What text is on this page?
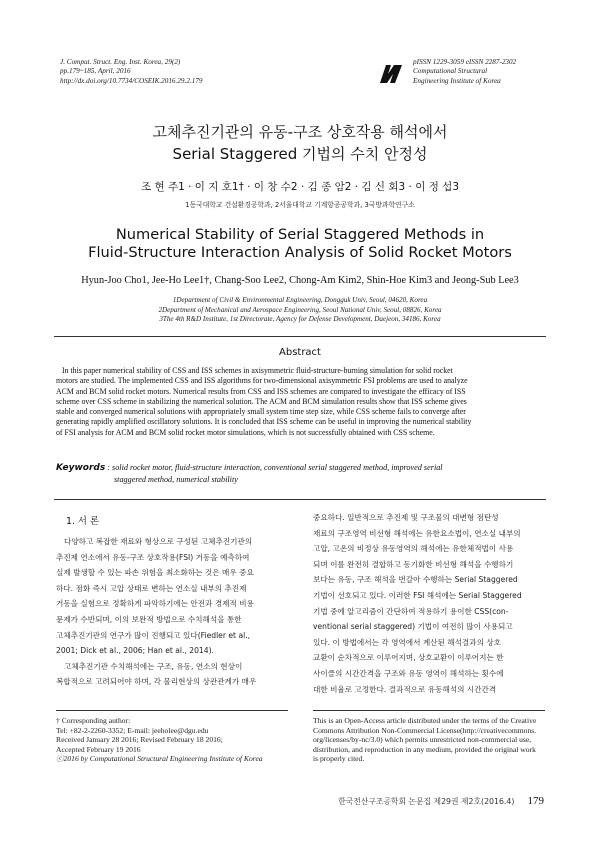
J. Comput. Struct. Eng. Inst. Korea, 29(2)
pp.179~185, April, 2016
http://dx.doi.org/10.7734/COSEIK.2016.29.2.179
pISSN 1229-3059 eISSN 2287-2302
Computational Structural
Engineering Institute of Korea
고체추진기관의 유동-구조 상호작용 해석에서
Serial Staggered 기법의 수치 안정성
조 현 주1 · 이 지 호1† · 이 창 수2 · 김 종 암2 · 김 신 회3 · 이 정 섭3
1동국대학교 건설환경공학과, 2서울대학교 기계항공공학과, 3국방과학연구소
Numerical Stability of Serial Staggered Methods in
Fluid-Structure Interaction Analysis of Solid Rocket Motors
Hyun-Joo Cho1, Jee-Ho Lee1†, Chang-Soo Lee2, Chong-Am Kim2, Shin-Hoe Kim3 and Jeong-Sub Lee3
1Department of Civil & Environmental Engineering, Dongguk Univ, Seoul, 04620, Korea
2Department of Mechanical and Aerospace Engineering, Seoul National Univ, Seoul, 08826, Korea
3The 4th R&D Institute, 1st Directorate, Agency for Defense Development, Daejeon, 34186, Korea
Abstract
In this paper numerical stability of CSS and ISS schemes in axisymmetric fluid-structure-burning simulation for solid rocket
motors are studied. The implemented CSS and ISS algorithms for two-dimensional axisymmetric FSI problems are used to analyze
ACM and BCM solid rocket motors. Numerical results from CSS and ISS schemes are compared to investigate the efficacy of ISS
scheme over CSS scheme in stabilizing the numerical solution. The ACM and BCM simulation results show that ISS scheme gives
stable and converged numerical solutions with appropriately small system time step size, while CSS scheme fails to converge after
generating rapidly amplified oscillatory solutions. It is concluded that ISS scheme can be useful in improving the numerical stability
of FSI analysis for ACM and BCM solid rocket motor simulations, which is not successfully obtained with CSS scheme.
Keywords : solid rocket motor, fluid-structure interaction, conventional serial staggered method, improved serial
staggered method, numerical stability
1. 서 론
다양하고 복잡한 재료와 형상으로 구성된 고체추진기관의
추진제 연소에서 유동-구조 상호작용(FSI) 거동을 예측하여
실제 발생할 수 있는 파손 위험을 최소화하는 것은 매우 중요
하다. 점화 즉시 고압 상태로 변하는 연소실 내부의 추진제
거동을 실험으로 정확하게 파악하기에는 안전과 경제적 비용
문제가 수반되며, 이의 보완적 방법으로 수치해석을 통한
고체추진기관의 연구가 많이 진행되고 있다(Fiedler et al.,
2001; Dick et al., 2006; Han et al., 2014).
고체추진기관 수치해석에는 구조, 유동, 연소의 현상이
복합적으로 고려되어야 하며, 각 물리현상의 상관관계가 매우
중요하다. 일반적으로 추진제 및 구조물의 대변형 점탄성
재료의 구조영역 비선형 해석에는 유한요소법이, 연소실 내부의
고압, 고온의 비정상 유동영역의 해석에는 유한체적법이 사용
되며 이를 완전히 결합하고 동기화한 비선형 해석을 수행하기
보다는 유동, 구조 해석을 번갈아 수행하는 Serial Staggered
기법이 선호되고 있다. 이러한 FSI 해석에는 Serial Staggered
기법 중에 알고리즘이 간단하여 적용하기 용이한 CSS(con-
ventional serial staggered) 기법이 여전히 많이 사용되고
있다. 이 방법에서는 각 영역에서 계산된 해석결과의 상호
교환이 순차적으로 이루어지며, 상호교환이 이루어지는 한
사이클의 시간간격을 구조와 유동 영역이 해석하는 횟수에
대한 비율로 고정한다. 결과적으로 유동해석의 시간간격
† Corresponding author:
Tel: +82-2-2260-3352; E-mail: jeeholee@dgu.edu
Received January 28 2016; Revised February 18 2016;
Accepted February 19 2016
ⓒ2016 by Computational Structural Engineering Institute of Korea
This is an Open-Access article distributed under the terms of the Creative
Commons Attribution Non-Commercial License(http://creativecommons.
org/licenses/by-nc/3.0) which permits unrestricted non-commercial use,
distribution, and reproduction in any medium, provided the original work
is properly cited.
한국전산구조공학회 논문집 제29권 제2호(2016.4) 179
